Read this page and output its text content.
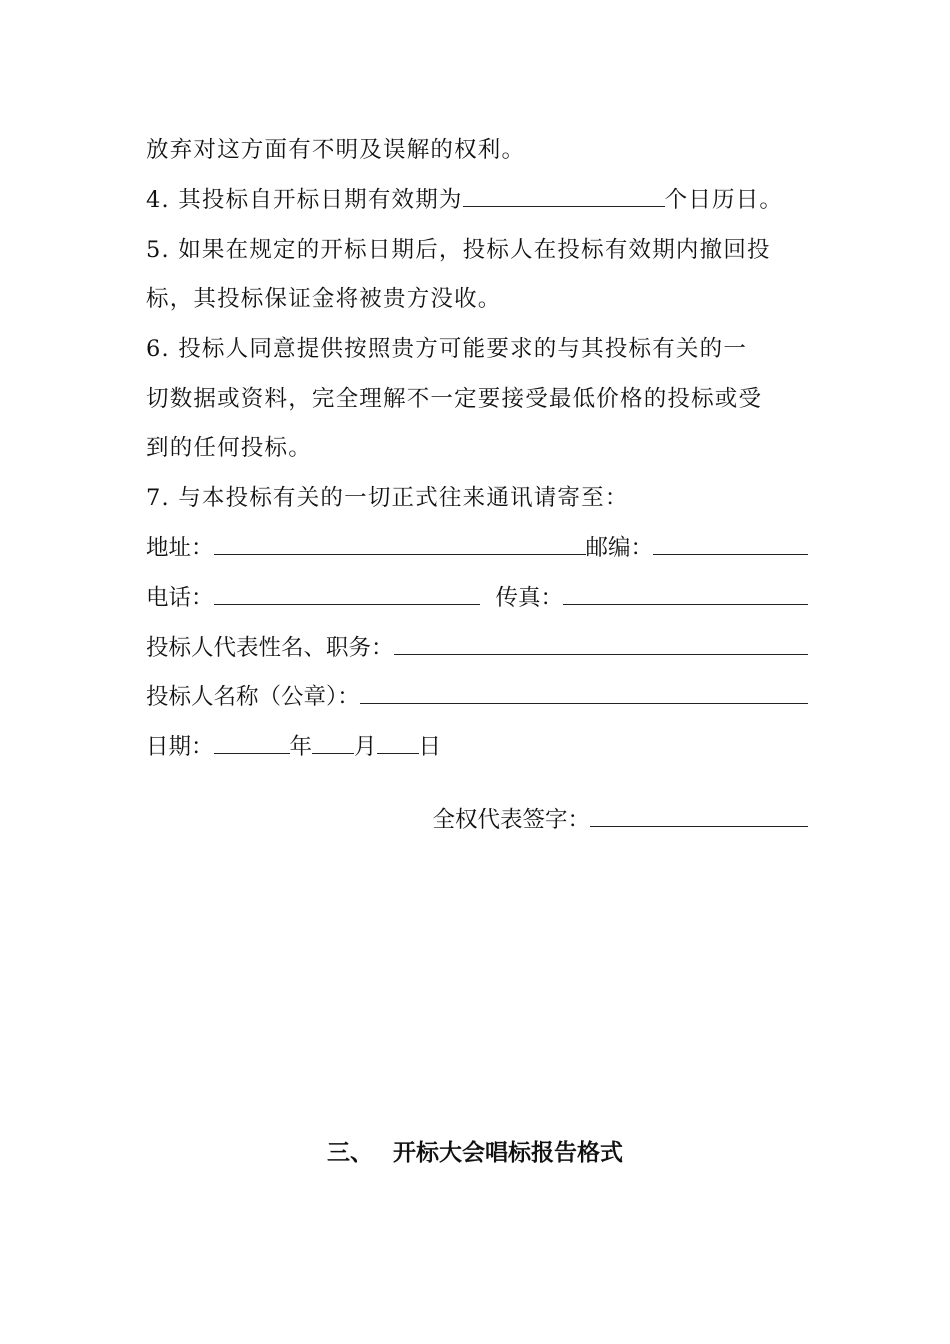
放弃对这方面有不明及误解的权利。
4. 其投标自开标日期有效期为	个日历日。
5. 如果在规定的开标日期后，投标人在投标有效期内撤回投
标，其投标保证金将被贵方没收。
6. 投标人同意提供按照贵方可能要求的与其投标有关的一
切数据或资料，完全理解不一定要接受最低价格的投标或受
到的任何投标。
7. 与本投标有关的一切正式往来通讯请寄至：
地址：	邮编：
电话：	传真：
投标人代表性名、职务：
投标人名称（公章）：
日期：	年 月 日
全权代表签字：
三、 开标大会唱标报告格式
